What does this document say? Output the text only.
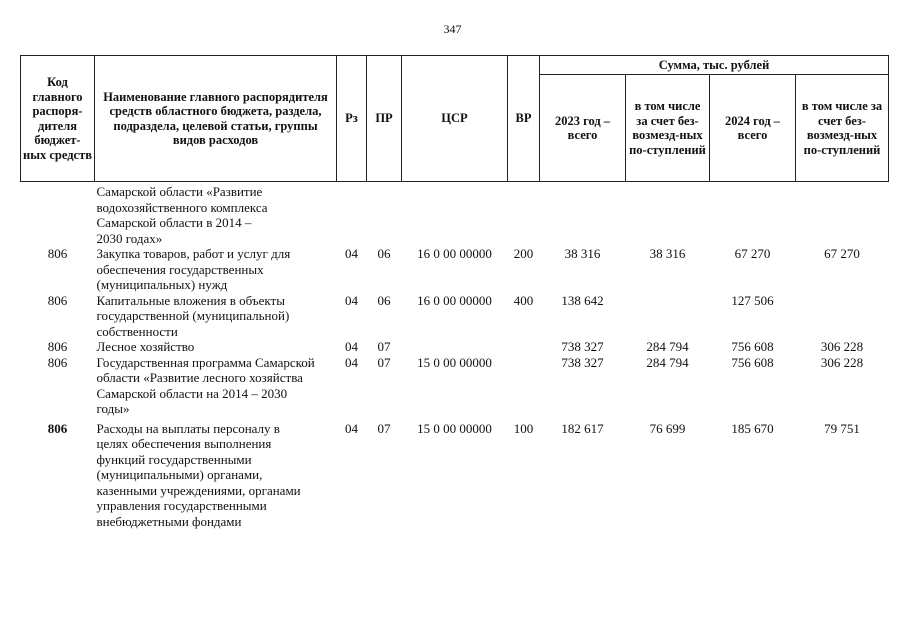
347
Код главного распоря-дителя бюджет-ных средств	Наименование главного распорядителя средств областного бюджета, раздела, подраздела, целевой статьи, группы видов расходов	Рз	ПР	ЦСР	ВР	Сумма, тыс. рублей			
						2023 год – всего	в том числе за счет без-возмезд-ных по-ступлений	2024 год – всего	в том числе за счет без-возмезд-ных по-ступлений
	Самарской области «Развитие водохозяйственного комплекса Самарской области в 2014 – 2030 годах»								
806	Закупка товаров, работ и услуг для обеспечения государственных (муниципальных) нужд	04	06	16 0 00 00000	200	38 316	38 316	67 270	67 270
806	Капитальные вложения в объекты государственной (муниципальной) собственности	04	06	16 0 00 00000	400	138 642		127 506	
806	Лесное хозяйство	04	07			738 327	284 794	756 608	306 228
806	Государственная программа Самарской области «Развитие лесного хозяйства Самарской области на 2014 – 2030 годы»	04	07	15 0 00 00000		738 327	284 794	756 608	306 228

806	Расходы на выплаты персоналу в целях обеспечения выполнения функций государственными (муниципальными) органами, казенными учреждениями, органами управления государственными внебюджетными фондами	04	07	15 0 00 00000	100	182 617	76 699	185 670	79 751
